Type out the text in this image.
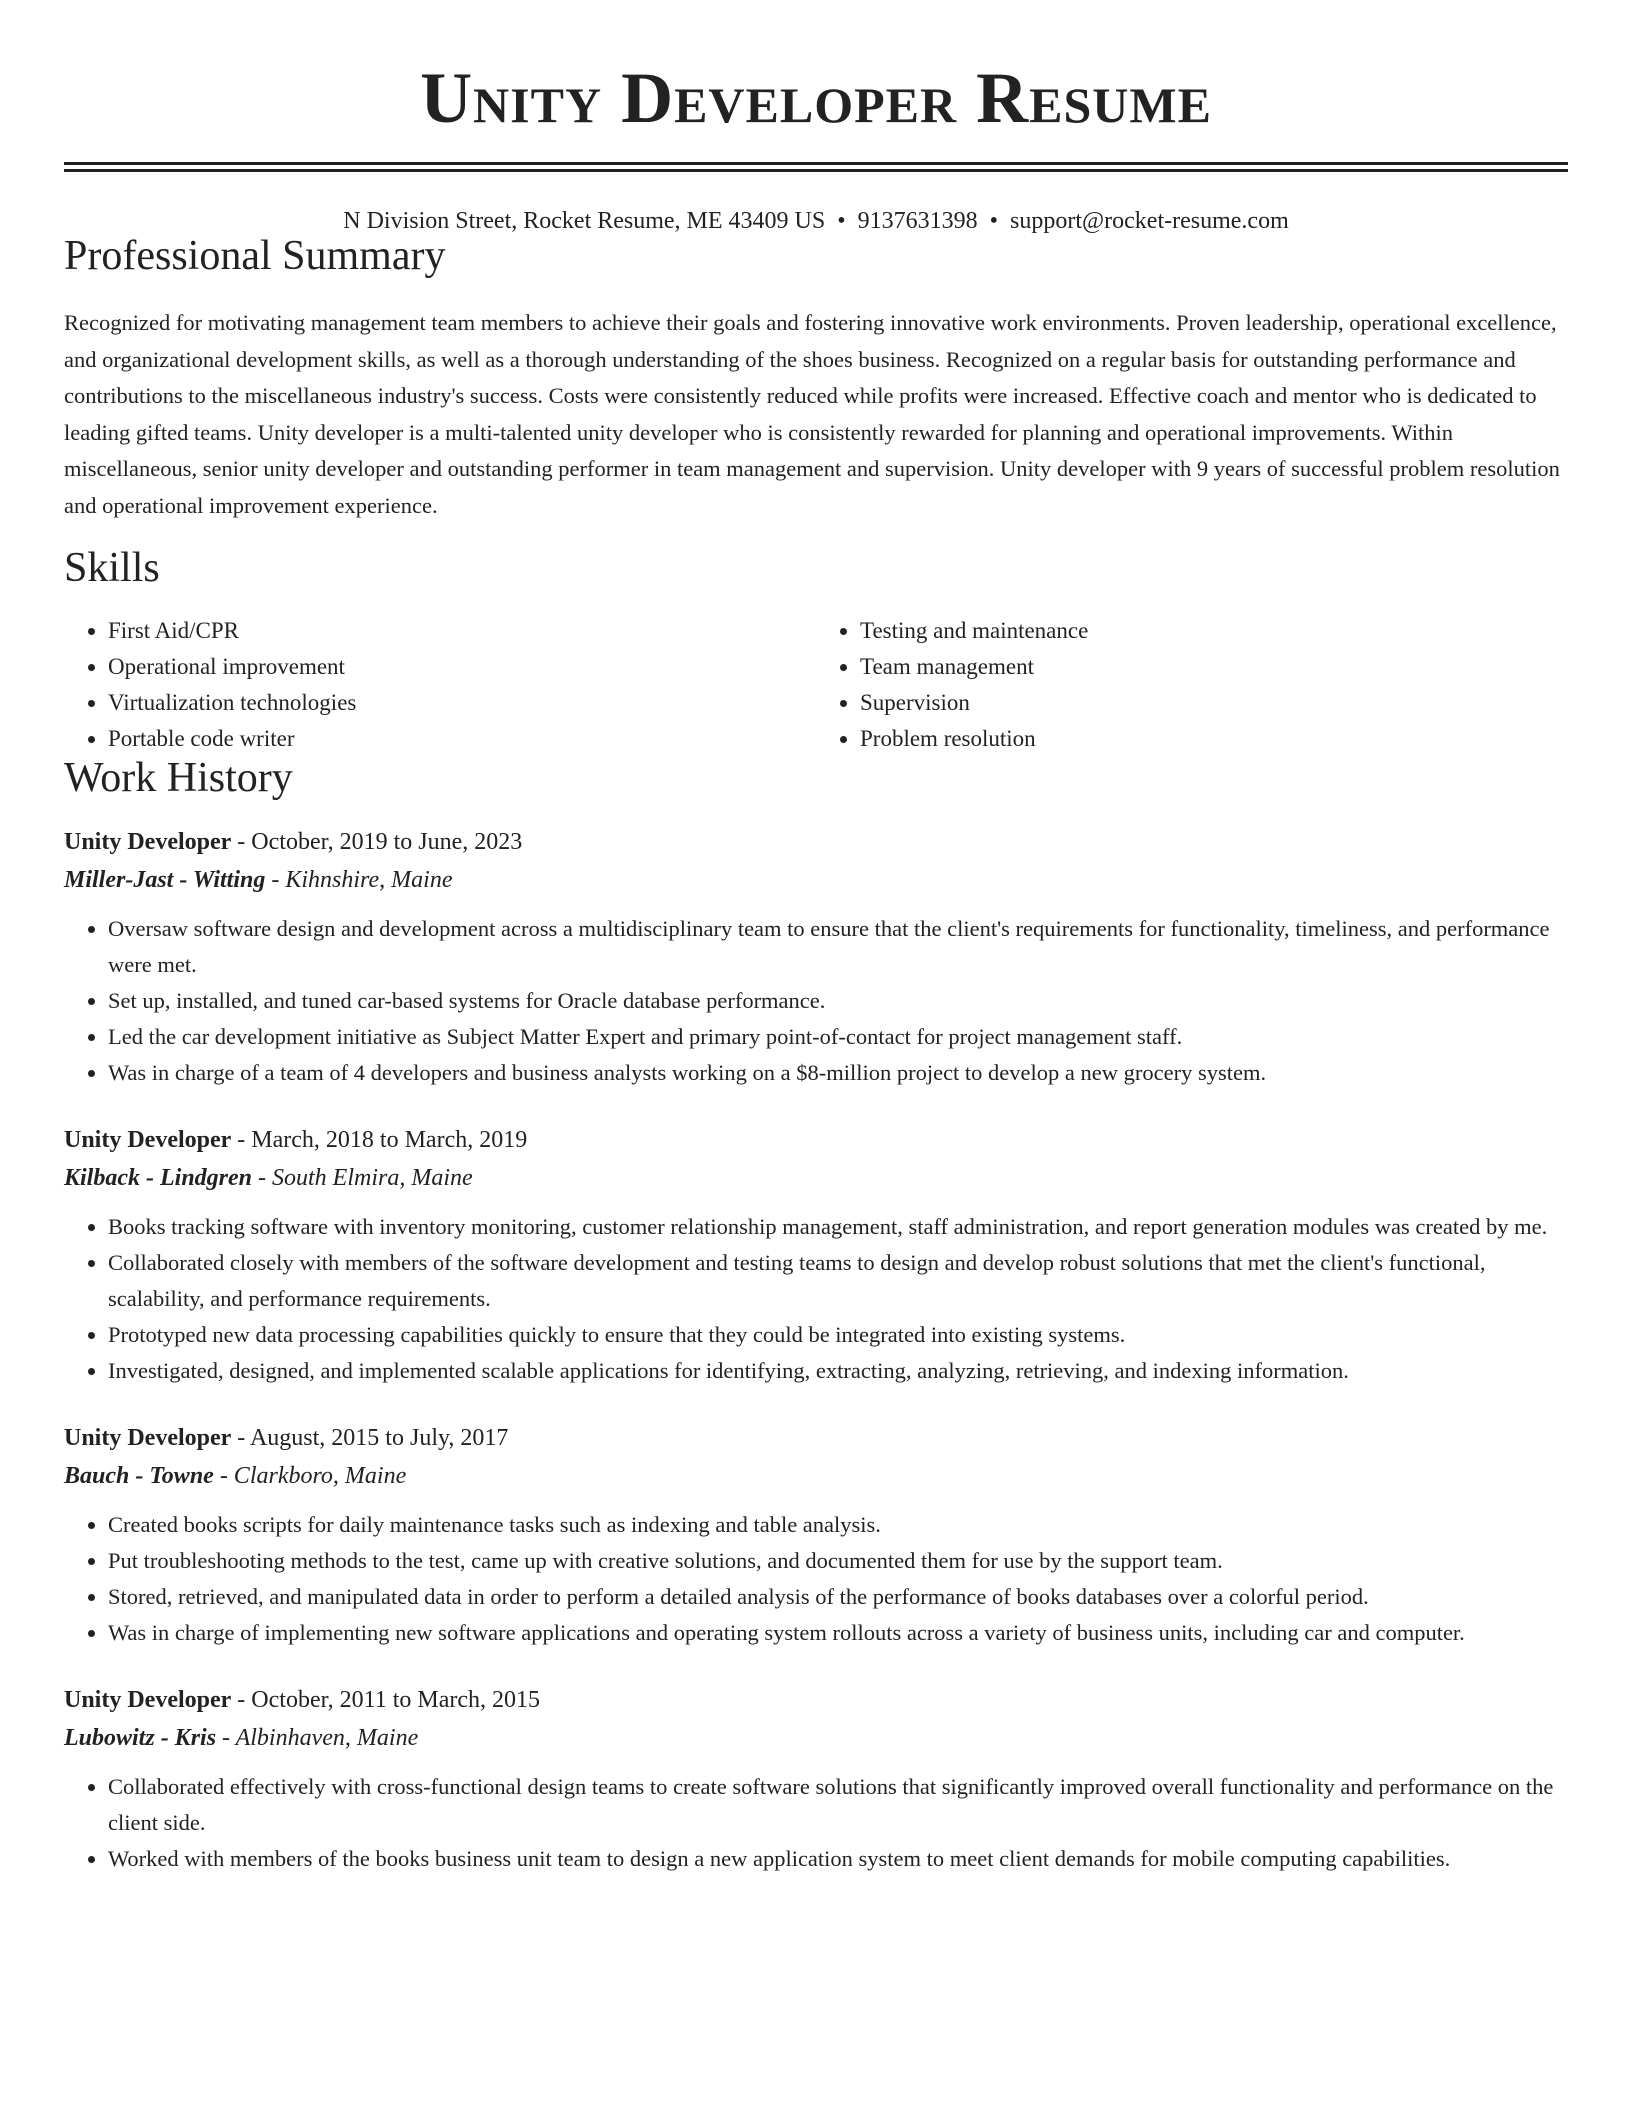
Unity Developer Resume
N Division Street, Rocket Resume, ME 43409 US • 9137631398 • support@rocket-resume.com
Professional Summary

Recognized for motivating management team members to achieve their goals and fostering innovative work environments. Proven leadership, operational excellence, and organizational development skills, as well as a thorough understanding of the shoes business. Recognized on a regular basis for outstanding performance and contributions to the miscellaneous industry's success. Costs were consistently reduced while profits were increased. Effective coach and mentor who is dedicated to leading gifted teams. Unity developer is a multi-talented unity developer who is consistently rewarded for planning and operational improvements. Within miscellaneous, senior unity developer and outstanding performer in team management and supervision. Unity developer with 9 years of successful problem resolution and operational improvement experience.

Skills
• First Aid/CPR
• Operational improvement
• Virtualization technologies
• Portable code writer
• Testing and maintenance
• Team management
• Supervision
• Problem resolution
Work History
Unity Developer - October, 2019 to June, 2023
Miller-Jast - Witting - Kihnshire, Maine
• Oversaw software design and development across a multidisciplinary team to ensure that the client's requirements for functionality, timeliness, and performance were met.
• Set up, installed, and tuned car-based systems for Oracle database performance.
• Led the car development initiative as Subject Matter Expert and primary point-of-contact for project management staff.
• Was in charge of a team of 4 developers and business analysts working on a $8-million project to develop a new grocery system.
Unity Developer - March, 2018 to March, 2019
Kilback - Lindgren - South Elmira, Maine
• Books tracking software with inventory monitoring, customer relationship management, staff administration, and report generation modules was created by me.
• Collaborated closely with members of the software development and testing teams to design and develop robust solutions that met the client's functional, scalability, and performance requirements.
• Prototyped new data processing capabilities quickly to ensure that they could be integrated into existing systems.
• Investigated, designed, and implemented scalable applications for identifying, extracting, analyzing, retrieving, and indexing information.
Unity Developer - August, 2015 to July, 2017
Bauch - Towne - Clarkboro, Maine
• Created books scripts for daily maintenance tasks such as indexing and table analysis.
• Put troubleshooting methods to the test, came up with creative solutions, and documented them for use by the support team.
• Stored, retrieved, and manipulated data in order to perform a detailed analysis of the performance of books databases over a colorful period.
• Was in charge of implementing new software applications and operating system rollouts across a variety of business units, including car and computer.
Unity Developer - October, 2011 to March, 2015
Lubowitz - Kris - Albinhaven, Maine
• Collaborated effectively with cross-functional design teams to create software solutions that significantly improved overall functionality and performance on the client side.
• Worked with members of the books business unit team to design a new application system to meet client demands for mobile computing capabilities.
